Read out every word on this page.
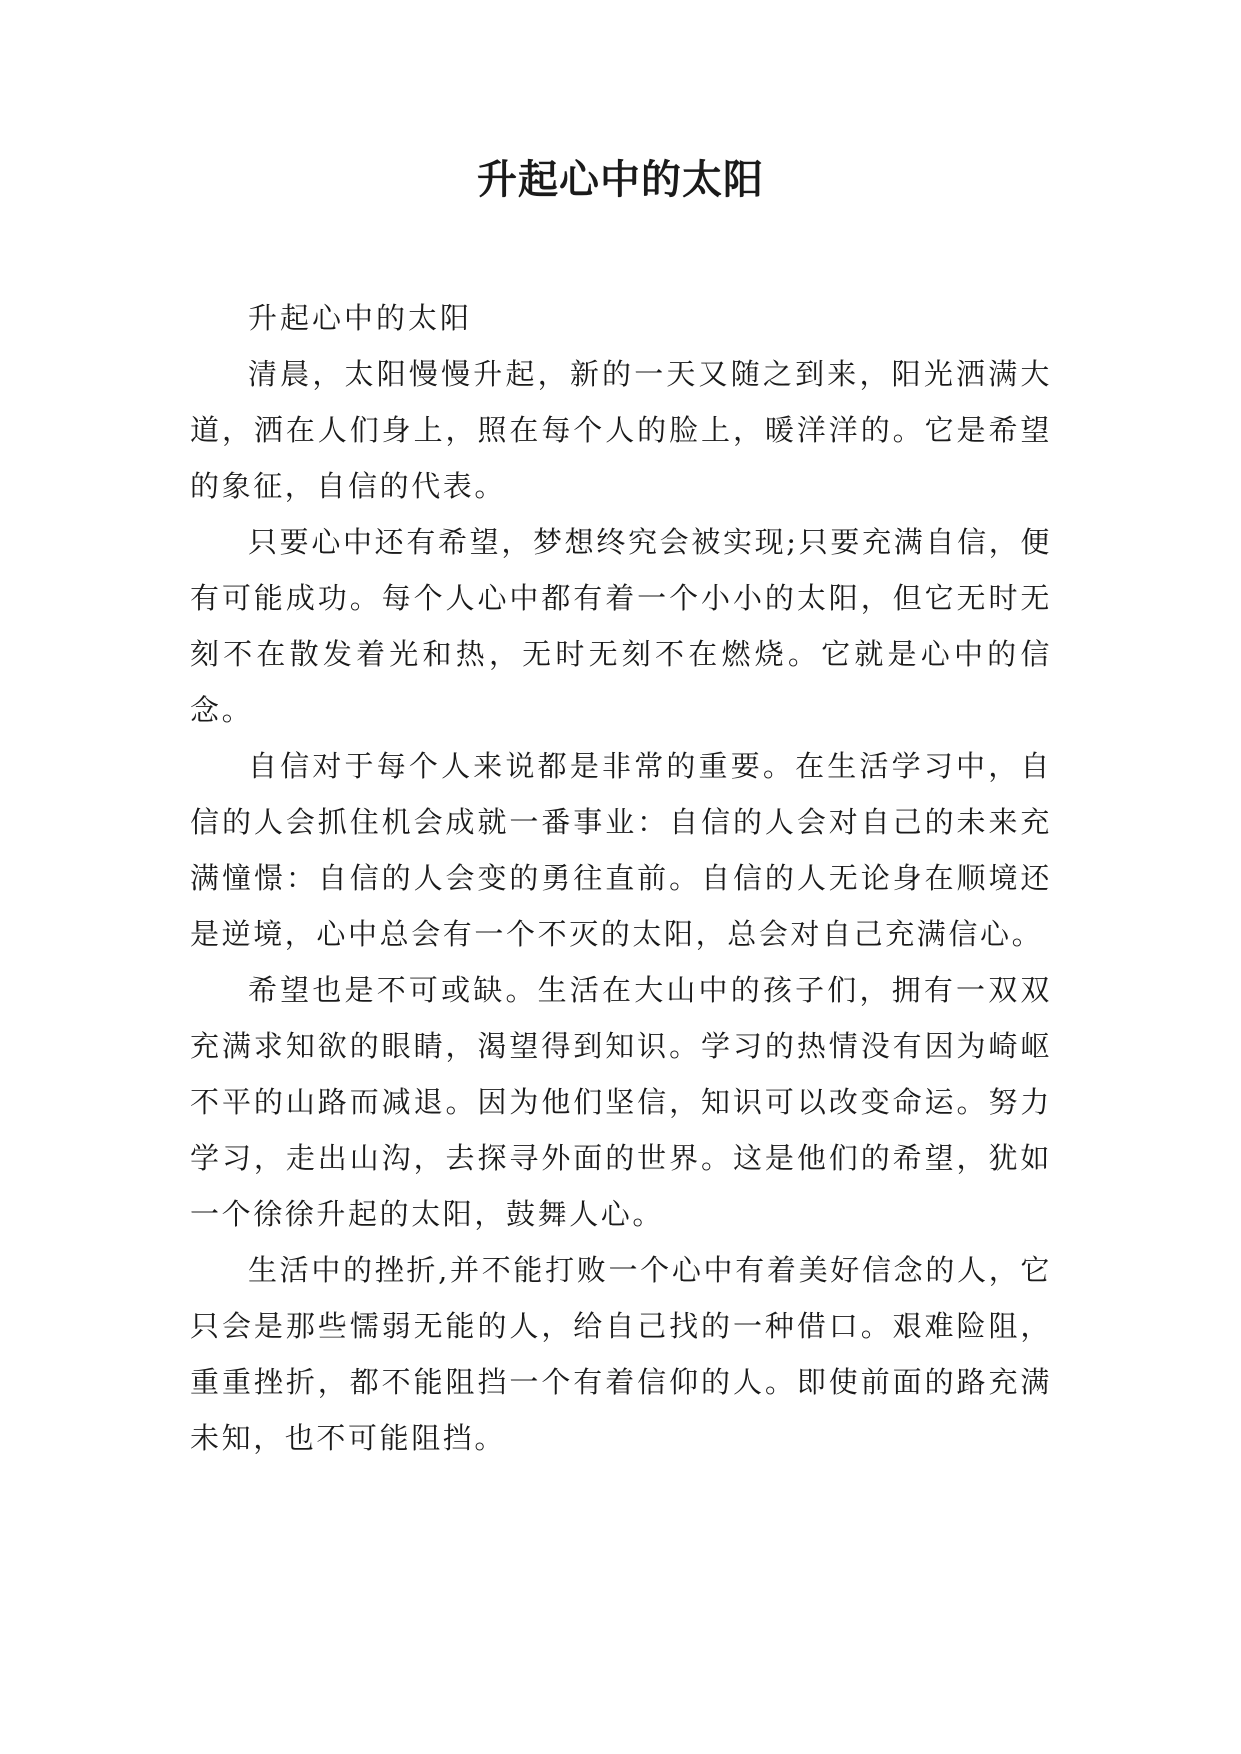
升起心中的太阳

升起心中的太阳

清晨，太阳慢慢升起，新的一天又随之到来，阳光洒满大道，洒在人们身上，照在每个人的脸上，暖洋洋的。它是希望的象征，自信的代表。

只要心中还有希望，梦想终究会被实现;只要充满自信，便有可能成功。每个人心中都有着一个小小的太阳，但它无时无刻不在散发着光和热，无时无刻不在燃烧。它就是心中的信念。

自信对于每个人来说都是非常的重要。在生活学习中，自信的人会抓住机会成就一番事业：自信的人会对自己的未来充满憧憬：自信的人会变的勇往直前。自信的人无论身在顺境还是逆境，心中总会有一个不灭的太阳，总会对自己充满信心。

希望也是不可或缺。生活在大山中的孩子们，拥有一双双充满求知欲的眼睛，渴望得到知识。学习的热情没有因为崎岖不平的山路而减退。因为他们坚信，知识可以改变命运。努力学习，走出山沟，去探寻外面的世界。这是他们的希望，犹如一个徐徐升起的太阳，鼓舞人心。

生活中的挫折,并不能打败一个心中有着美好信念的人，它只会是那些懦弱无能的人，给自己找的一种借口。艰难险阻，重重挫折，都不能阻挡一个有着信仰的人。即使前面的路充满未知，也不可能阻挡。
